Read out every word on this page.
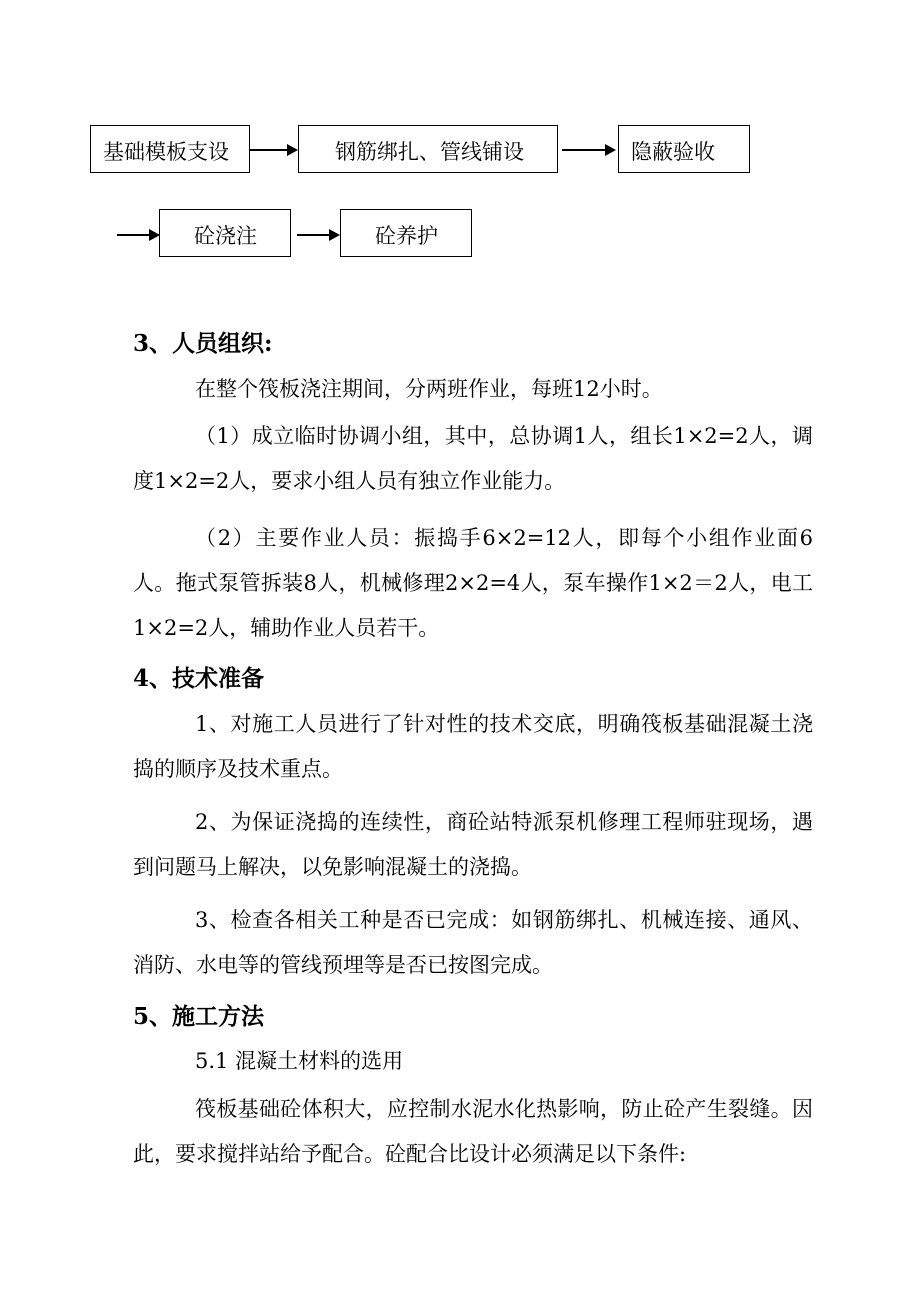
基础模板支设	钢筋绑扎、管线铺设	隐蔽验收
砼浇注	砼养护
3、人员组织:
在整个筏板浇注期间，分两班作业，每班12小时。

（1）成立临时协调小组，其中，总协调1人，组长1×2=2人，调度1×2=2人，要求小组人员有独立作业能力。

（2）主要作业人员：振捣手6×2=12人，即每个小组作业面6人。拖式泵管拆装8人，机械修理2×2=4人，泵车操作1×2＝2人，电工1×2=2人，辅助作业人员若干。

4、技术准备

1、对施工人员进行了针对性的技术交底，明确筏板基础混凝土浇捣的顺序及技术重点。

2、为保证浇捣的连续性，商砼站特派泵机修理工程师驻现场，遇到问题马上解决，以免影响混凝土的浇捣。

3、检查各相关工种是否已完成：如钢筋绑扎、机械连接、通风、消防、水电等的管线预埋等是否已按图完成。

5、施工方法
5.1 混凝土材料的选用

筏板基础砼体积大，应控制水泥水化热影响，防止砼产生裂缝。因此，要求搅拌站给予配合。砼配合比设计必须满足以下条件:
